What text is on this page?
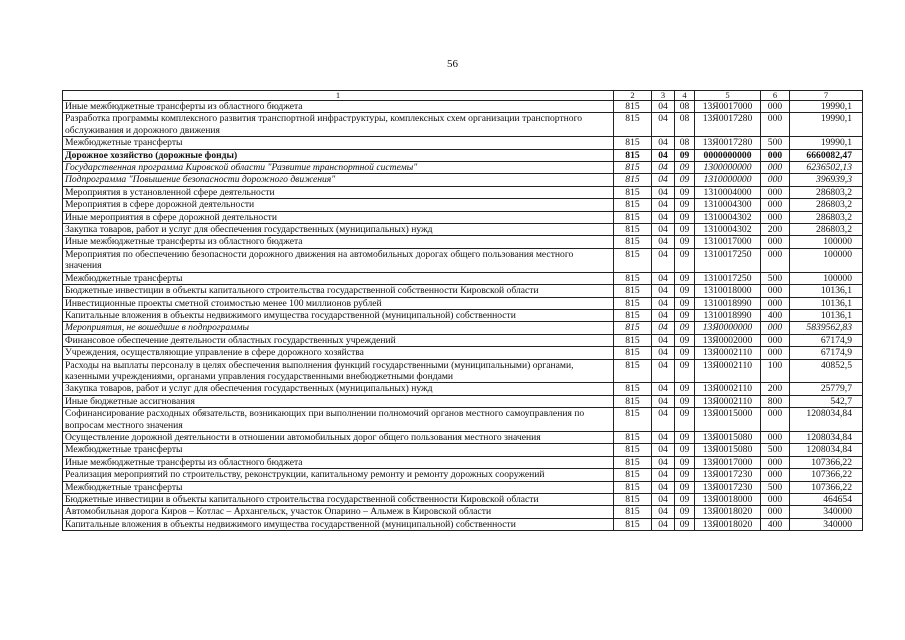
56
1	2	3	4	5	6	7
Иные межбюджетные трансферты из областного бюджета	815	04	08	13Я0017000	000	19990,1
Разработка программы комплексного развития транспортной инфраструктуры, комплексных схем организации транспортного обслуживания и дорожного движения	815	04	08	13Я0017280	000	19990,1
Межбюджетные трансферты	815	04	08	13Я0017280	500	19990,1
Дорожное хозяйство (дорожные фонды)	815	04	09	0000000000	000	6660082,47
Государственная программа Кировской области "Развитие транспортной системы"	815	04	09	1300000000	000	6236502,13
Подпрограмма "Повышение безопасности дорожного движения"	815	04	09	1310000000	000	396939,3
Мероприятия в установленной сфере деятельности	815	04	09	1310004000	000	286803,2
Мероприятия в сфере дорожной деятельности	815	04	09	1310004300	000	286803,2
Иные мероприятия в сфере дорожной деятельности	815	04	09	1310004302	000	286803,2
Закупка товаров, работ и услуг для обеспечения государственных (муниципальных) нужд	815	04	09	1310004302	200	286803,2
Иные межбюджетные трансферты из областного бюджета	815	04	09	1310017000	000	100000
Мероприятия по обеспечению безопасности дорожного движения на автомобильных дорогах общего пользования местного значения	815	04	09	1310017250	000	100000
Межбюджетные трансферты	815	04	09	1310017250	500	100000
Бюджетные инвестиции в объекты капитального строительства государственной собственности Кировской области	815	04	09	1310018000	000	10136,1
Инвестиционные проекты сметной стоимостью менее 100 миллионов рублей	815	04	09	1310018990	000	10136,1
Капитальные вложения в объекты недвижимого имущества государственной (муниципальной) собственности	815	04	09	1310018990	400	10136,1
Мероприятия, не вошедшие в подпрограммы	815	04	09	13Я0000000	000	5839562,83
Финансовое обеспечение деятельности областных государственных учреждений	815	04	09	13Я0002000	000	67174,9
Учреждения, осуществляющие управление в сфере дорожного хозяйства	815	04	09	13Я0002110	000	67174,9
Расходы на выплаты персоналу в целях обеспечения выполнения функций государственными (муниципальными) органами, казенными учреждениями, органами управления государственными внебюджетными фондами	815	04	09	13Я0002110	100	40852,5
Закупка товаров, работ и услуг для обеспечения государственных (муниципальных) нужд	815	04	09	13Я0002110	200	25779,7
Иные бюджетные ассигнования	815	04	09	13Я0002110	800	542,7
Софинансирование расходных обязательств, возникающих при выполнении полномочий органов местного самоуправления по вопросам местного значения	815	04	09	13Я0015000	000	1208034,84
Осуществление дорожной деятельности в отношении автомобильных дорог общего пользования местного значения	815	04	09	13Я0015080	000	1208034,84
Межбюджетные трансферты	815	04	09	13Я0015080	500	1208034,84
Иные межбюджетные трансферты из областного бюджета	815	04	09	13Я0017000	000	107366,22
Реализация мероприятий по строительству, реконструкции, капитальному ремонту и ремонту дорожных сооружений	815	04	09	13Я0017230	000	107366,22
Межбюджетные трансферты	815	04	09	13Я0017230	500	107366,22
Бюджетные инвестиции в объекты капитального строительства государственной собственности Кировской области	815	04	09	13Я0018000	000	464654
Автомобильная дорога Киров – Котлас – Архангельск, участок Опарино – Альмеж в Кировской области	815	04	09	13Я0018020	000	340000
Капитальные вложения в объекты недвижимого имущества государственной (муниципальной) собственности	815	04	09	13Я0018020	400	340000
